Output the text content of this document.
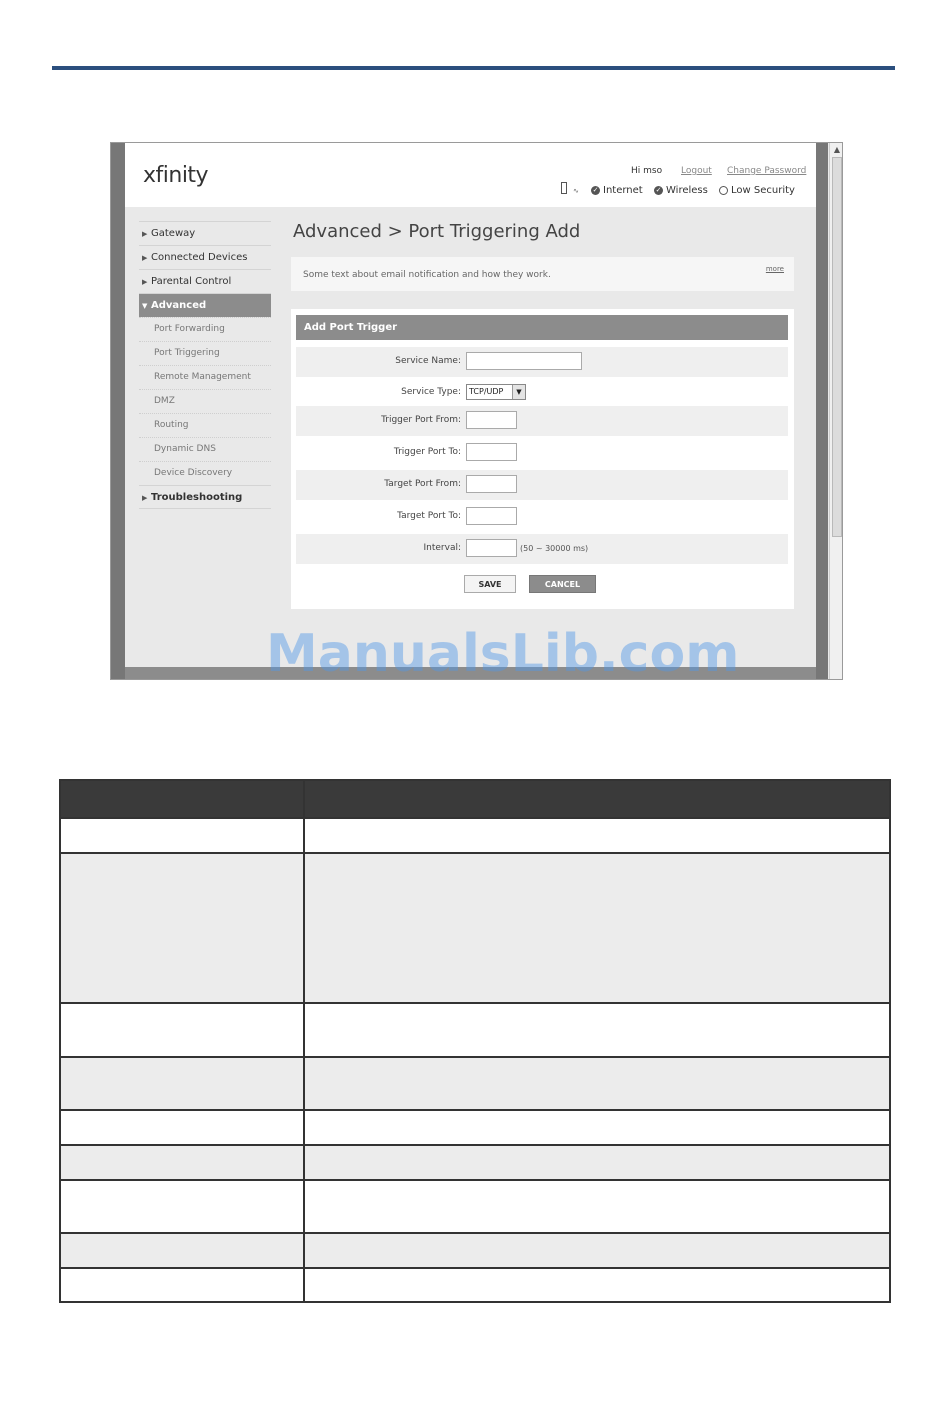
▲
xfinity	Hi mso Logout Change Password
∿ ✓ Internet ✓ Wireless Low Security
▶ Gateway
▶ Connected Devices
▶ Parental Control
▼ Advanced
Port Forwarding
Port Triggering
Remote Management
DMZ
Routing
Dynamic DNS
Device Discovery
▶ Troubleshooting
Advanced > Port Triggering Add
Some text about email notification and how they work.
more
Add Port Trigger
Service Name:
Service Type:	TCP/UDP	▼
Trigger Port From:
Trigger Port To:
Target Port From:
Target Port To:
Interval:	(50 ~ 30000 ms)
SAVE	CANCEL
ManualsLib.com
